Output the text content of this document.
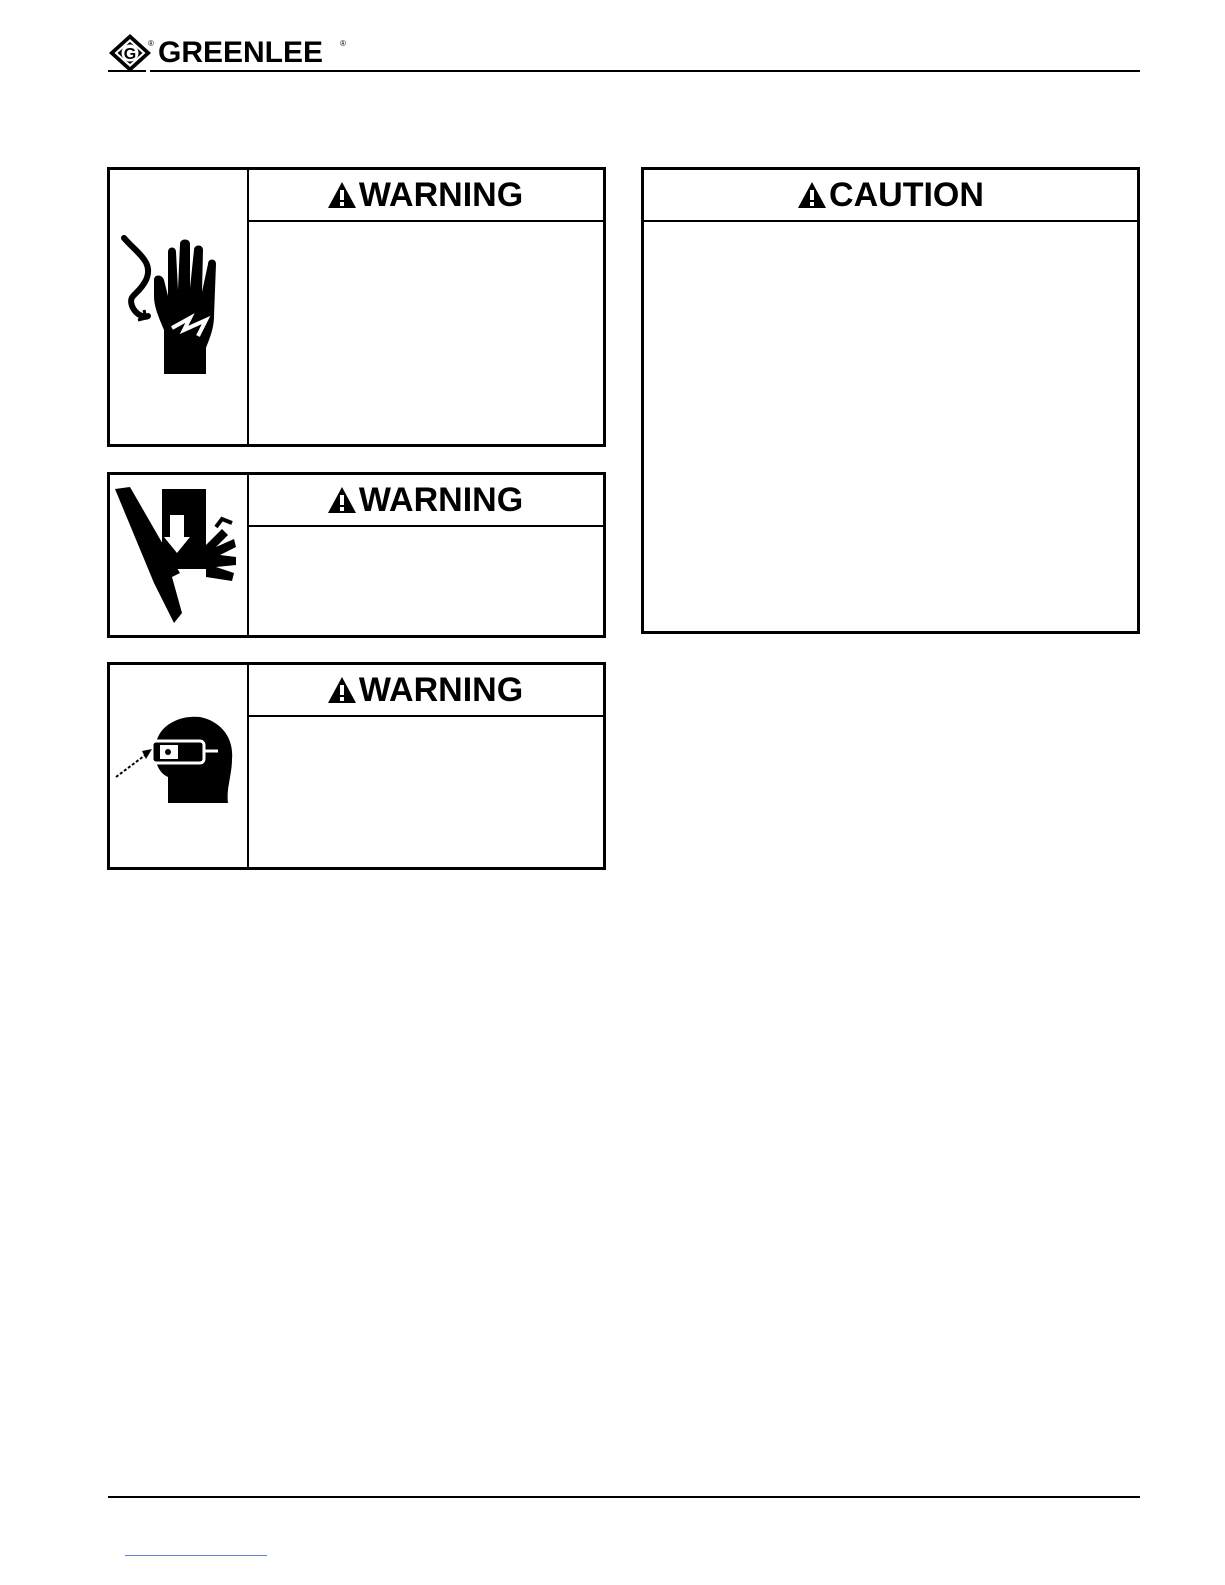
G
® GREENLEE ®
WARNING
WARNING
WARNING
CAUTION
